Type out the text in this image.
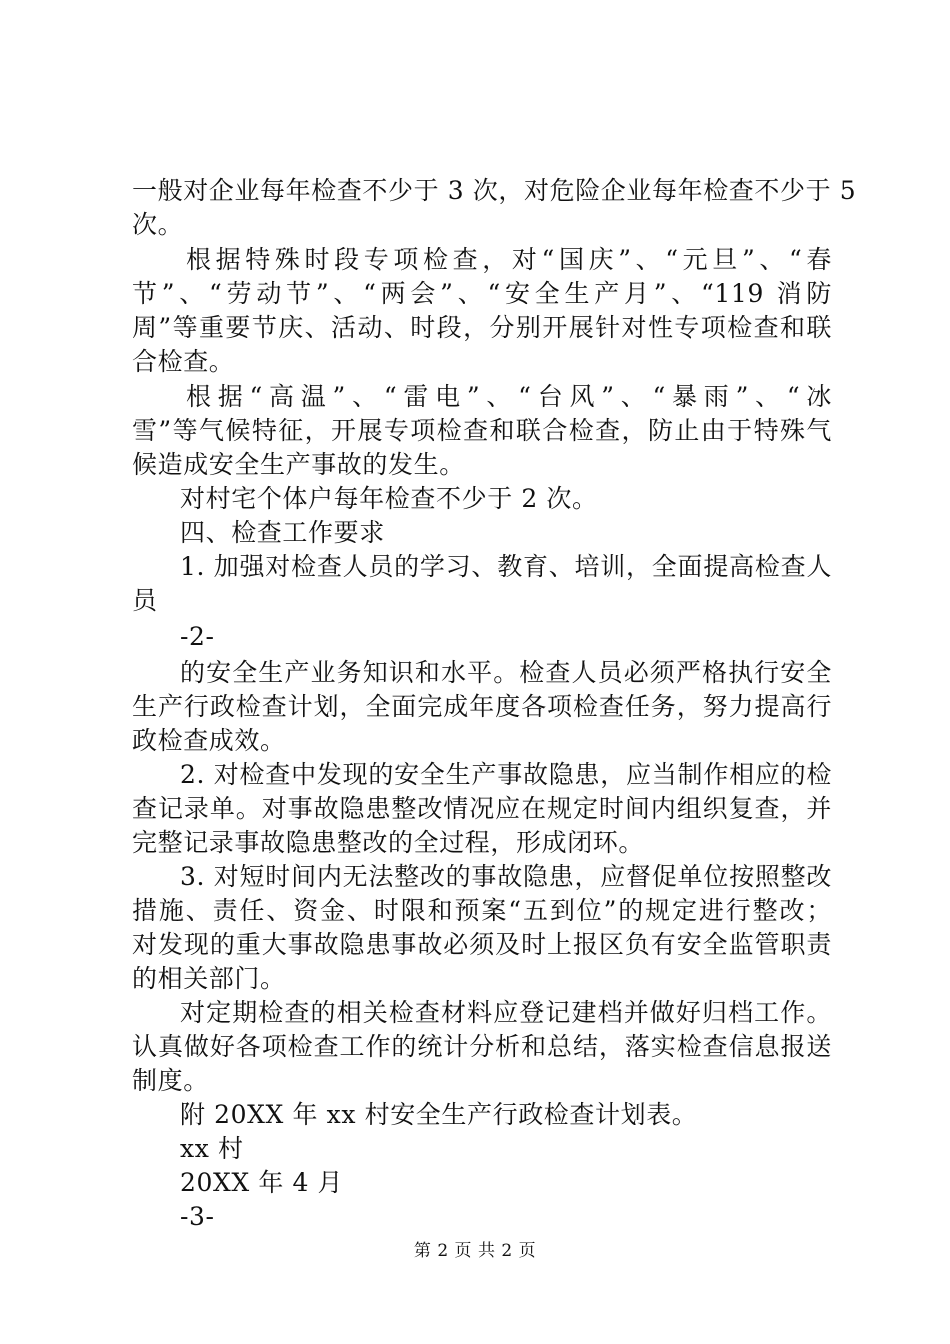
一般对企业每年检查不少于 3 次，对危险企业每年检查不少于 5
次。
根据特殊时段专项检查，对“国庆”、“元旦”、“春
节”、“劳动节”、“两会”、“安全生产月”、“119 消防
周”等重要节庆、活动、时段，分别开展针对性专项检查和联
合检查。
根据“高温”、“雷电”、“台风”、“暴雨”、“冰
雪”等气候特征，开展专项检查和联合检查，防止由于特殊气
候造成安全生产事故的发生。
对村宅个体户每年检查不少于 2 次。
四、检查工作要求
1. 加强对检查人员的学习、教育、培训，全面提高检查人
员
-2-
的安全生产业务知识和水平。检查人员必须严格执行安全
生产行政检查计划，全面完成年度各项检查任务，努力提高行
政检查成效。
2. 对检查中发现的安全生产事故隐患，应当制作相应的检
查记录单。对事故隐患整改情况应在规定时间内组织复查，并
完整记录事故隐患整改的全过程，形成闭环。
3. 对短时间内无法整改的事故隐患，应督促单位按照整改
措施、责任、资金、时限和预案“五到位”的规定进行整改；
对发现的重大事故隐患事故必须及时上报区负有安全监管职责
的相关部门。
对定期检查的相关检查材料应登记建档并做好归档工作。
认真做好各项检查工作的统计分析和总结，落实检查信息报送
制度。
附 20XX 年 xx 村安全生产行政检查计划表。
xx 村
20XX 年 4 月
-3-
第 2 页 共 2 页
